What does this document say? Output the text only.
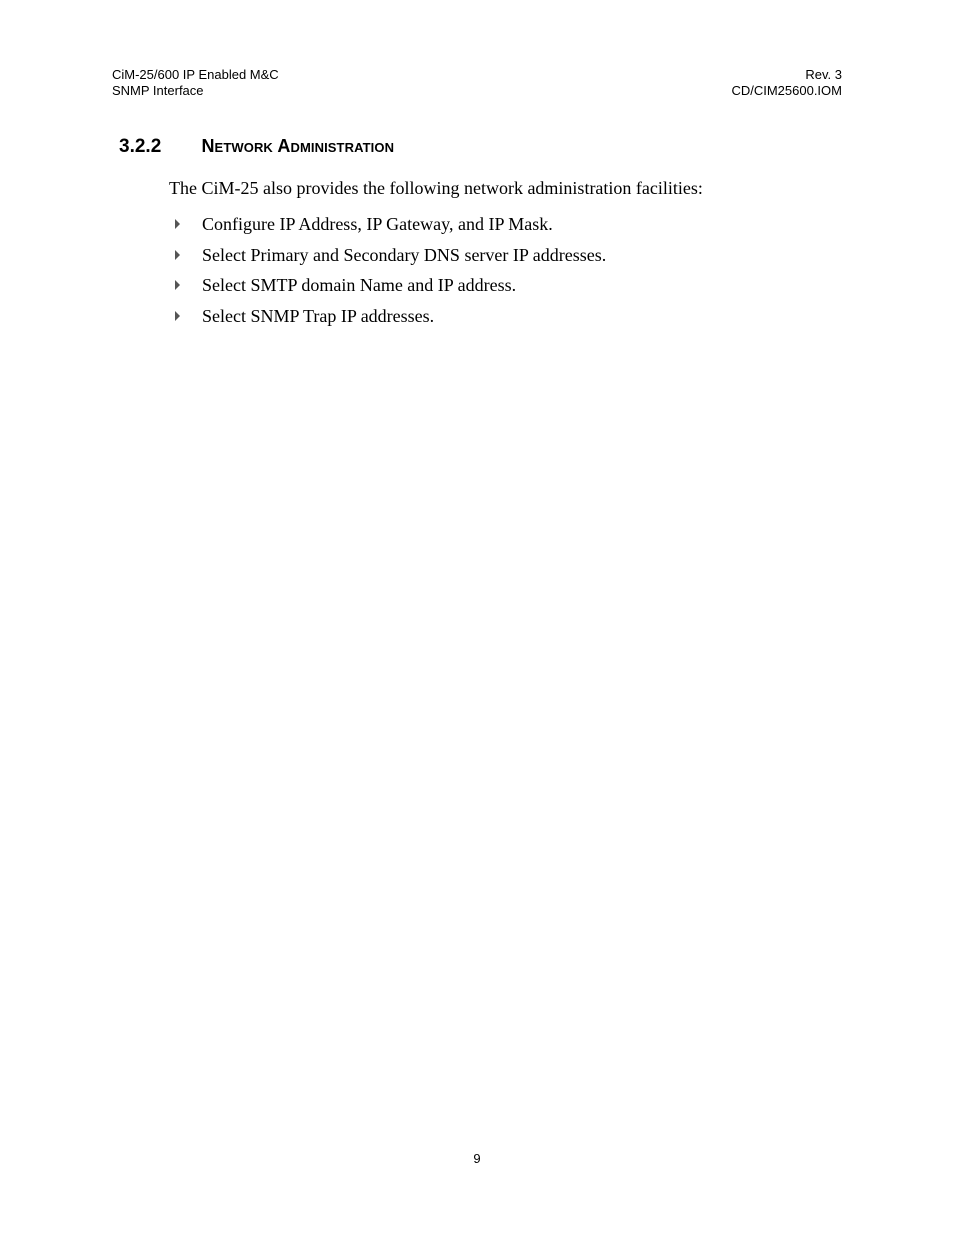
CiM-25/600 IP Enabled M&C
SNMP Interface
Rev. 3
CD/CIM25600.IOM
3.2.2 Network Administration
The CiM-25 also provides the following network administration facilities:
Configure IP Address, IP Gateway, and IP Mask.
Select Primary and Secondary DNS server IP addresses.
Select SMTP domain Name and IP address.
Select SNMP Trap IP addresses.
9
